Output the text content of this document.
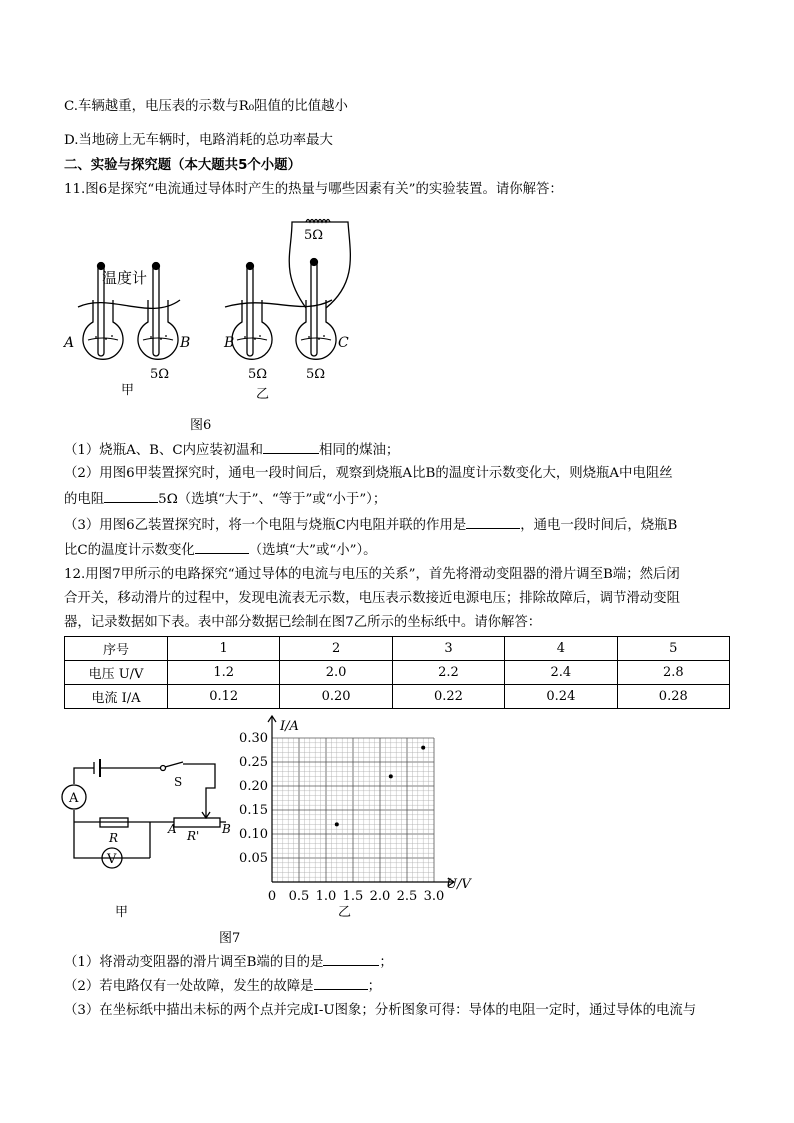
C.车辆越重，电压表的示数与R₀阻值的比值越小
D.当地磅上无车辆时，电路消耗的总功率最大
二、实验与探究题（本大题共5个小题）
11.图6是探究“电流通过导体时产生的热量与哪些因素有关”的实验装置。请你解答：
温度计
A	B B	C
5Ω	5Ω	5Ω
5Ω
甲	乙
图6
（1）烧瓶A、B、C内应装初温和	相同的煤油；
（2）用图6甲装置探究时，通电一段时间后，观察到烧瓶A比B的温度计示数变化大，则烧瓶A中电阻丝
的电阻	5Ω（选填“大于”、“等于”或“小于”）；
（3）用图6乙装置探究时，将一个电阻与烧瓶C内电阻并联的作用是	，通电一段时间后，烧瓶B
比C的温度计示数变化	（选填“大”或“小”）。
12.用图7甲所示的电路探究“通过导体的电流与电压的关系”，首先将滑动变阻器的滑片调至B端；然后闭
合开关，移动滑片的过程中，发现电流表无示数，电压表示数接近电源电压；排除故障后，调节滑动变阻
器，记录数据如下表。表中部分数据已绘制在图7乙所示的坐标纸中。请你解答：
序号	1	2	3	4	5
电压 U/V	1.2	2.0	2.2	2.4	2.8
电流 I/A	0.12	0.20	0.22	0.24	0.28
A
V
S
R	R'
A	B
甲
0 0.5 1.0 1.5 2.0 2.5 3.0
0.05
0.10
0.15
0.20
0.25
0.30
I/A
U/V
乙
图7
（1）将滑动变阻器的滑片调至B端的目的是	；
（2）若电路仅有一处故障，发生的故障是	；
（3）在坐标纸中描出未标的两个点并完成I-U图象；分析图象可得：导体的电阻一定时，通过导体的电流与
